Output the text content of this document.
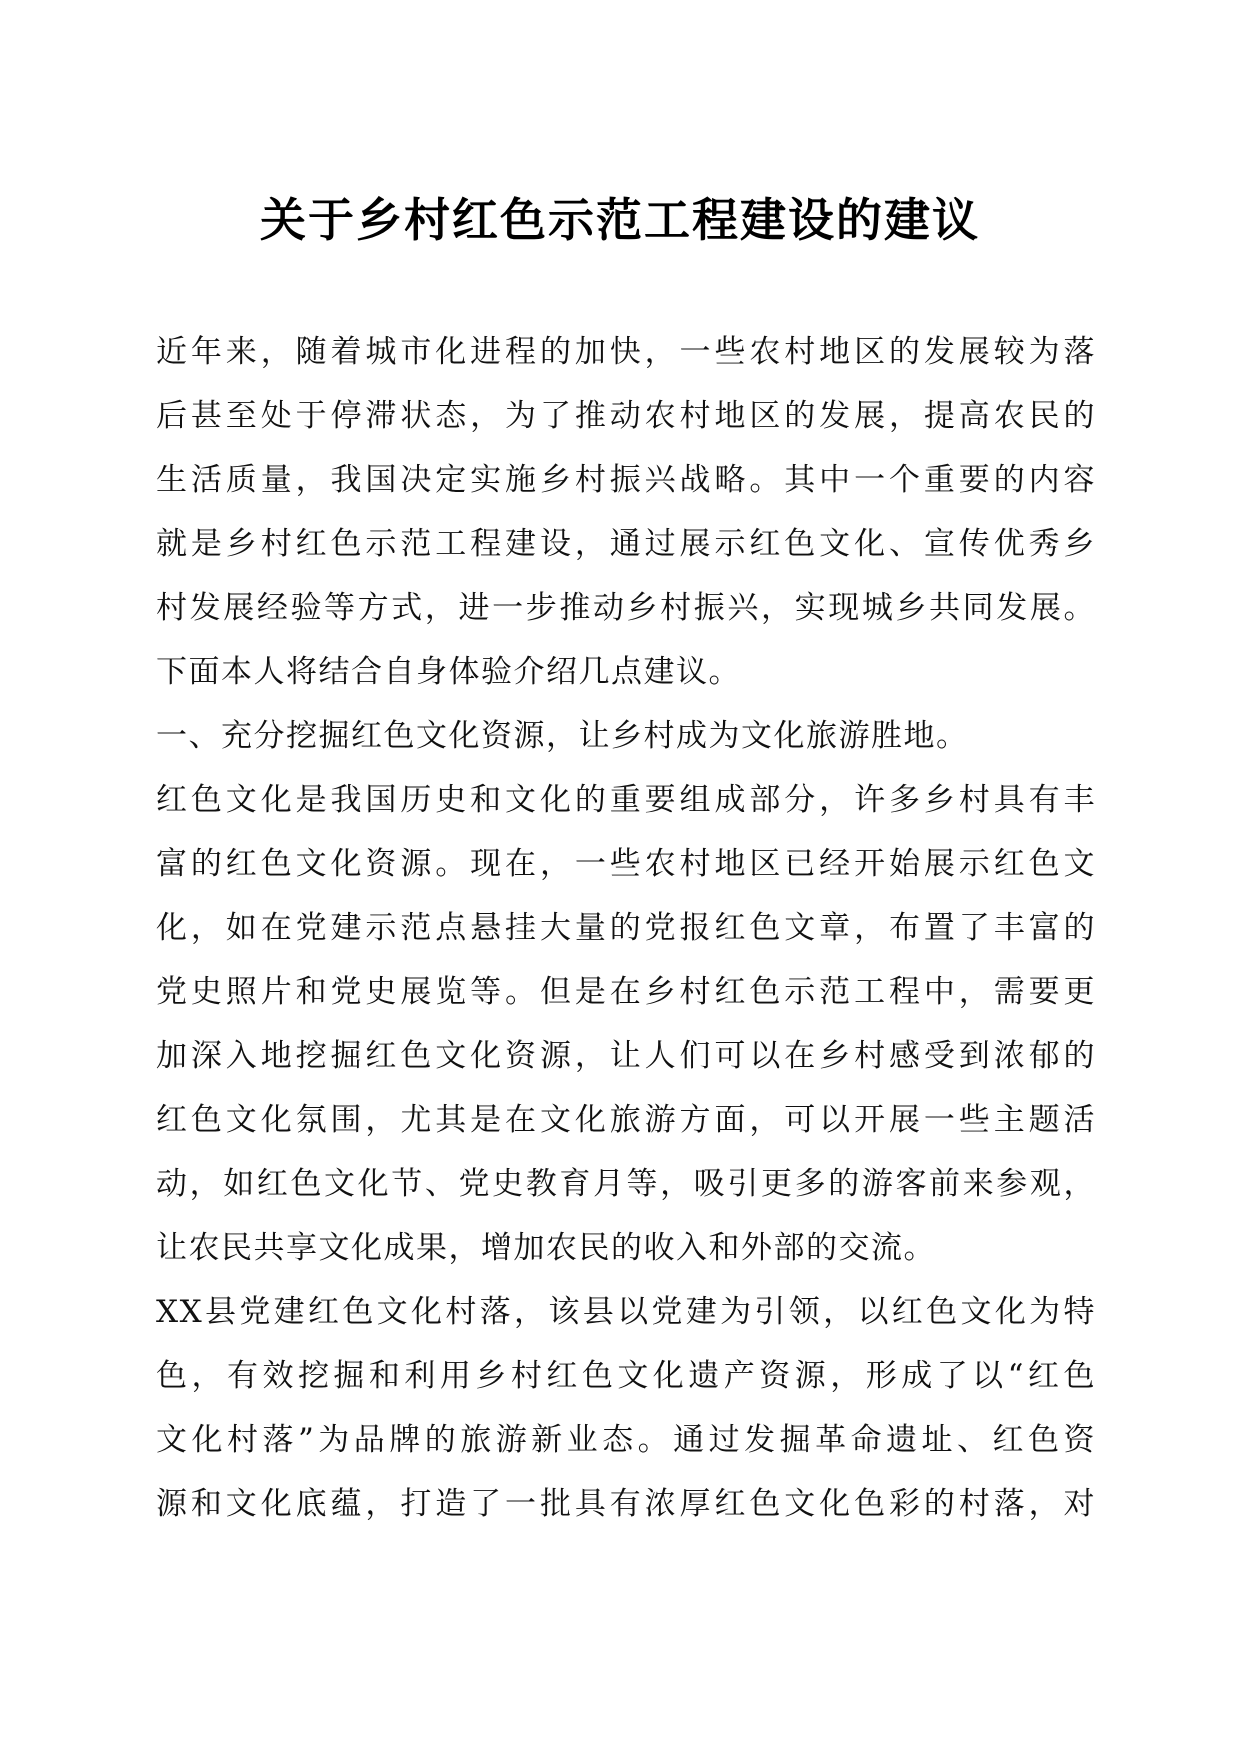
关于乡村红色示范工程建设的建议
近年来，随着城市化进程的加快，一些农村地区的发展较为落
后甚至处于停滞状态，为了推动农村地区的发展，提高农民的
生活质量，我国决定实施乡村振兴战略。其中一个重要的内容
就是乡村红色示范工程建设，通过展示红色文化、宣传优秀乡
村发展经验等方式，进一步推动乡村振兴，实现城乡共同发展。
下面本人将结合自身体验介绍几点建议。
一、充分挖掘红色文化资源，让乡村成为文化旅游胜地。
红色文化是我国历史和文化的重要组成部分，许多乡村具有丰
富的红色文化资源。现在，一些农村地区已经开始展示红色文
化，如在党建示范点悬挂大量的党报红色文章，布置了丰富的
党史照片和党史展览等。但是在乡村红色示范工程中，需要更
加深入地挖掘红色文化资源，让人们可以在乡村感受到浓郁的
红色文化氛围，尤其是在文化旅游方面，可以开展一些主题活
动，如红色文化节、党史教育月等，吸引更多的游客前来参观，
让农民共享文化成果，增加农民的收入和外部的交流。
XX县党建红色文化村落，该县以党建为引领，以红色文化为特
色，有效挖掘和利用乡村红色文化遗产资源，形成了以“红色
文化村落”为品牌的旅游新业态。通过发掘革命遗址、红色资
源和文化底蕴，打造了一批具有浓厚红色文化色彩的村落，对
